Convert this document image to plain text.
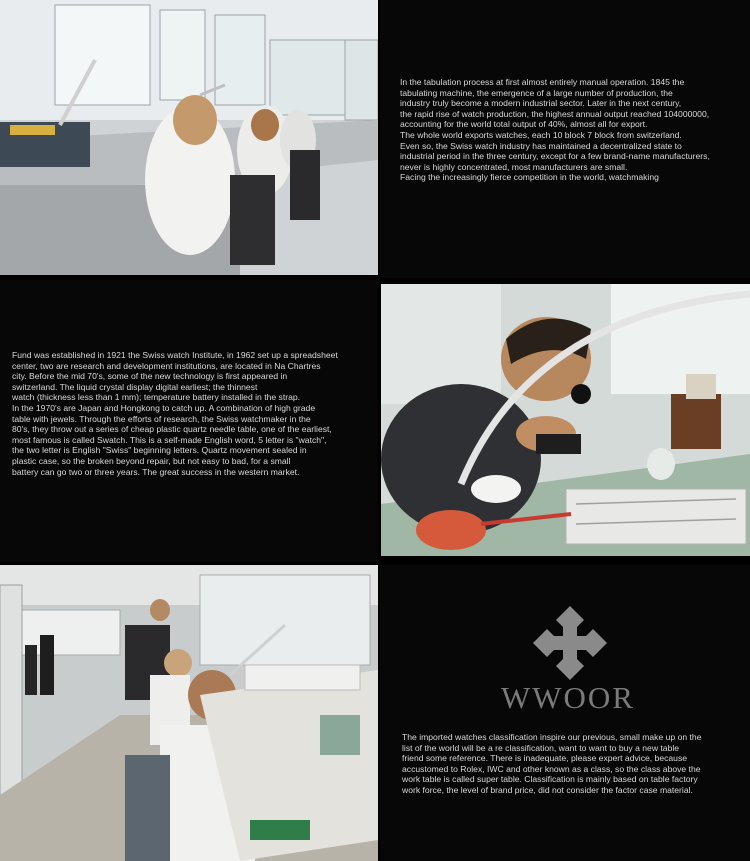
In the tabulation process at first almost entirely manual operation. 1845 the
tabulating machine, the emergence of a large number of production, the
industry truly become a modern industrial sector. Later in the next century,
the rapid rise of watch production, the highest annual output reached 104000000,
accounting for the world total output of 40%, almost all for export.
The whole world exports watches, each 10 block 7 block from switzerland.
Even so, the Swiss watch industry has maintained a decentralized state to
industrial period in the three century, except for a few brand-name manufacturers,
never is highly concentrated, most manufacturers are small.
Facing the increasingly fierce competition in the world, watchmaking

Fund was established in 1921 the Swiss watch Institute, in 1962 set up a spreadsheet
center, two are research and development institutions, are located in Na Chartres
city. Before the mid 70's, some of the new technology is first appeared in
switzerland. The liquid crystal display digital earliest; the thinnest
watch (thickness less than 1 mm); temperature battery installed in the strap.
In the 1970's are Japan and Hongkong to catch up. A combination of high grade
table with jewels. Through the efforts of research, the Swiss watchmaker in the
80's, they throw out a series of cheap plastic quartz needle table, one of the earliest,
most famous is called Swatch. This is a self-made English word, 5 letter is "watch",
the two letter is English "Swiss" beginning letters. Quartz movement sealed in
plastic case, so the broken beyond repair, but not easy to bad, for a small
battery can go two or three years. The great success in the western market.

WWOOR

The imported watches classification inspire our previous, small make up on the
list of the world will be a re classification, want to want to buy a new table
friend some reference. There is inadequate, please expert advice, because
accustomed to Rolex, IWC and other known as a class, so the class above the
work table is called super table. Classification is mainly based on table factory
work force, the level of brand price, did not consider the factor case material.
